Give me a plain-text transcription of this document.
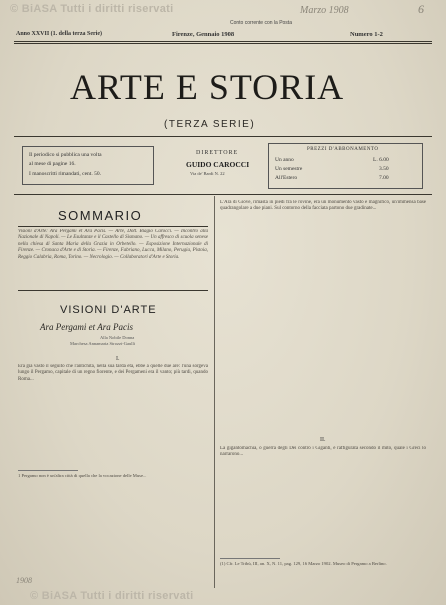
© BiASA Tutti i diritti riservati	Marzo 1908	6
Conto corrente con la Posta
Anno XXVII (1. della terza Serie)	Firenze, Gennaio 1908	Numero 1-2
ARTE E STORIA
(TERZA SERIE)
Il periodico si pubblica una volta
al mese di pagine 16.
I manoscritti rimandati, cent. 50.
DIRETTORE
GUIDO CAROCCI
Via de' Bardi N. 22
PREZZI D'ABBONAMENTO
Un anno	L. 6.00
Un semestre	3.50
All'Estero	7.00
SOMMARIO
Visioni d'Arte: Ara Pergami et Ara Pacis. — Arte, Dott. Biagio Carocci. — Incontro alla Nazionale di Napoli. — Le Esultanze e il Castello di Sismano. — Un affresco di scuola senese nella chiesa di Santa Maria della Grazia in Orbetello. — Esposizione Internazionale di Firenze. — Cronaca d'Arte e di Storia. — Firenze, Fabriano, Lucca, Milano, Perugia, Pistoia, Reggio Calabria, Roma, Torino. — Necrologio. — Collaboratori d'Arte e Storia.
VISIONI D'ARTE
Ara Pergami et Ara Pacis
Alla Nobile Donna
Marchesa Annamaria Strozzi-Gaulli
I.
Era già vasto il seguito che l'antichità, nella sua tarda età, ebbe a quelle due are: l'una sorgeva lungo il Pergamo, capitale di un regno fiorente, e dei Pergameni era il vanto; più tardi, quando Roma...
1 Pergamo non è un'altra città di quella che la vocazione delle Muse...
L'Ara di Giove, rimasta in piedi fra le rovine, era un monumento vasto e magnifico, un'immensa base quadrangolare a due piani. Sul contorno della facciata partono due gradinate...
II.
La gigantomachia, o guerra degli Dei contro i Giganti, è raffigurata secondo il mito, quale i Greci lo narrarono...
(1) Cfr. Le Tribù, III, an. X, N. 11, pag. 129, 16 Marzo 1902. Museo di Pergamo a Berlino.
1908
© BiASA Tutti i diritti riservati
